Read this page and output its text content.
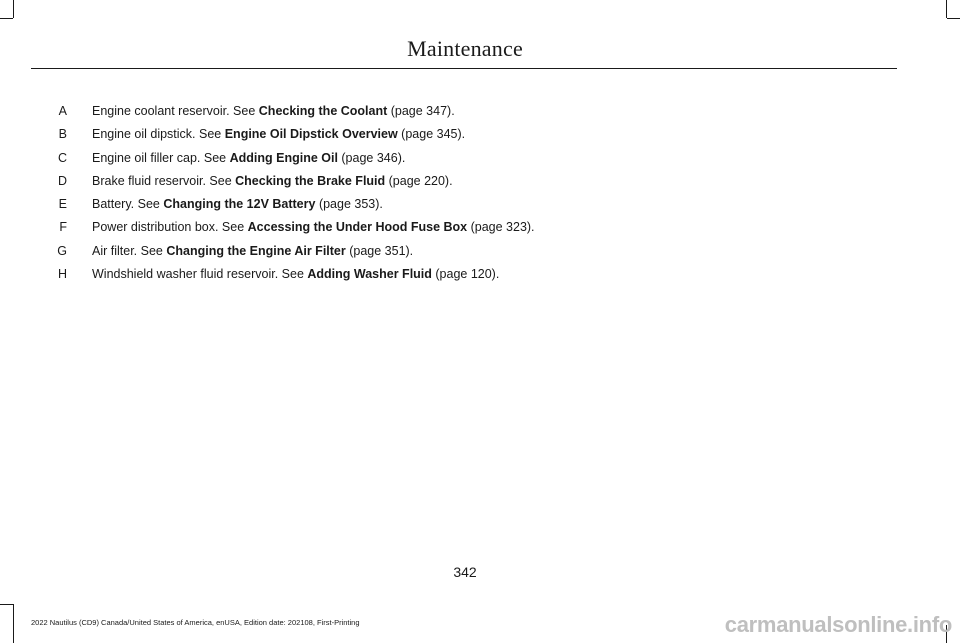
Maintenance
A Engine coolant reservoir. See Checking the Coolant (page 347).
B Engine oil dipstick. See Engine Oil Dipstick Overview (page 345).
C Engine oil filler cap. See Adding Engine Oil (page 346).
D Brake fluid reservoir. See Checking the Brake Fluid (page 220).
E Battery. See Changing the 12V Battery (page 353).
F Power distribution box. See Accessing the Under Hood Fuse Box (page 323).
G Air filter. See Changing the Engine Air Filter (page 351).
H Windshield washer fluid reservoir. See Adding Washer Fluid (page 120).
342
2022 Nautilus (CD9) Canada/United States of America, enUSA, Edition date: 202108, First-Printing	carmanualsonline.info
